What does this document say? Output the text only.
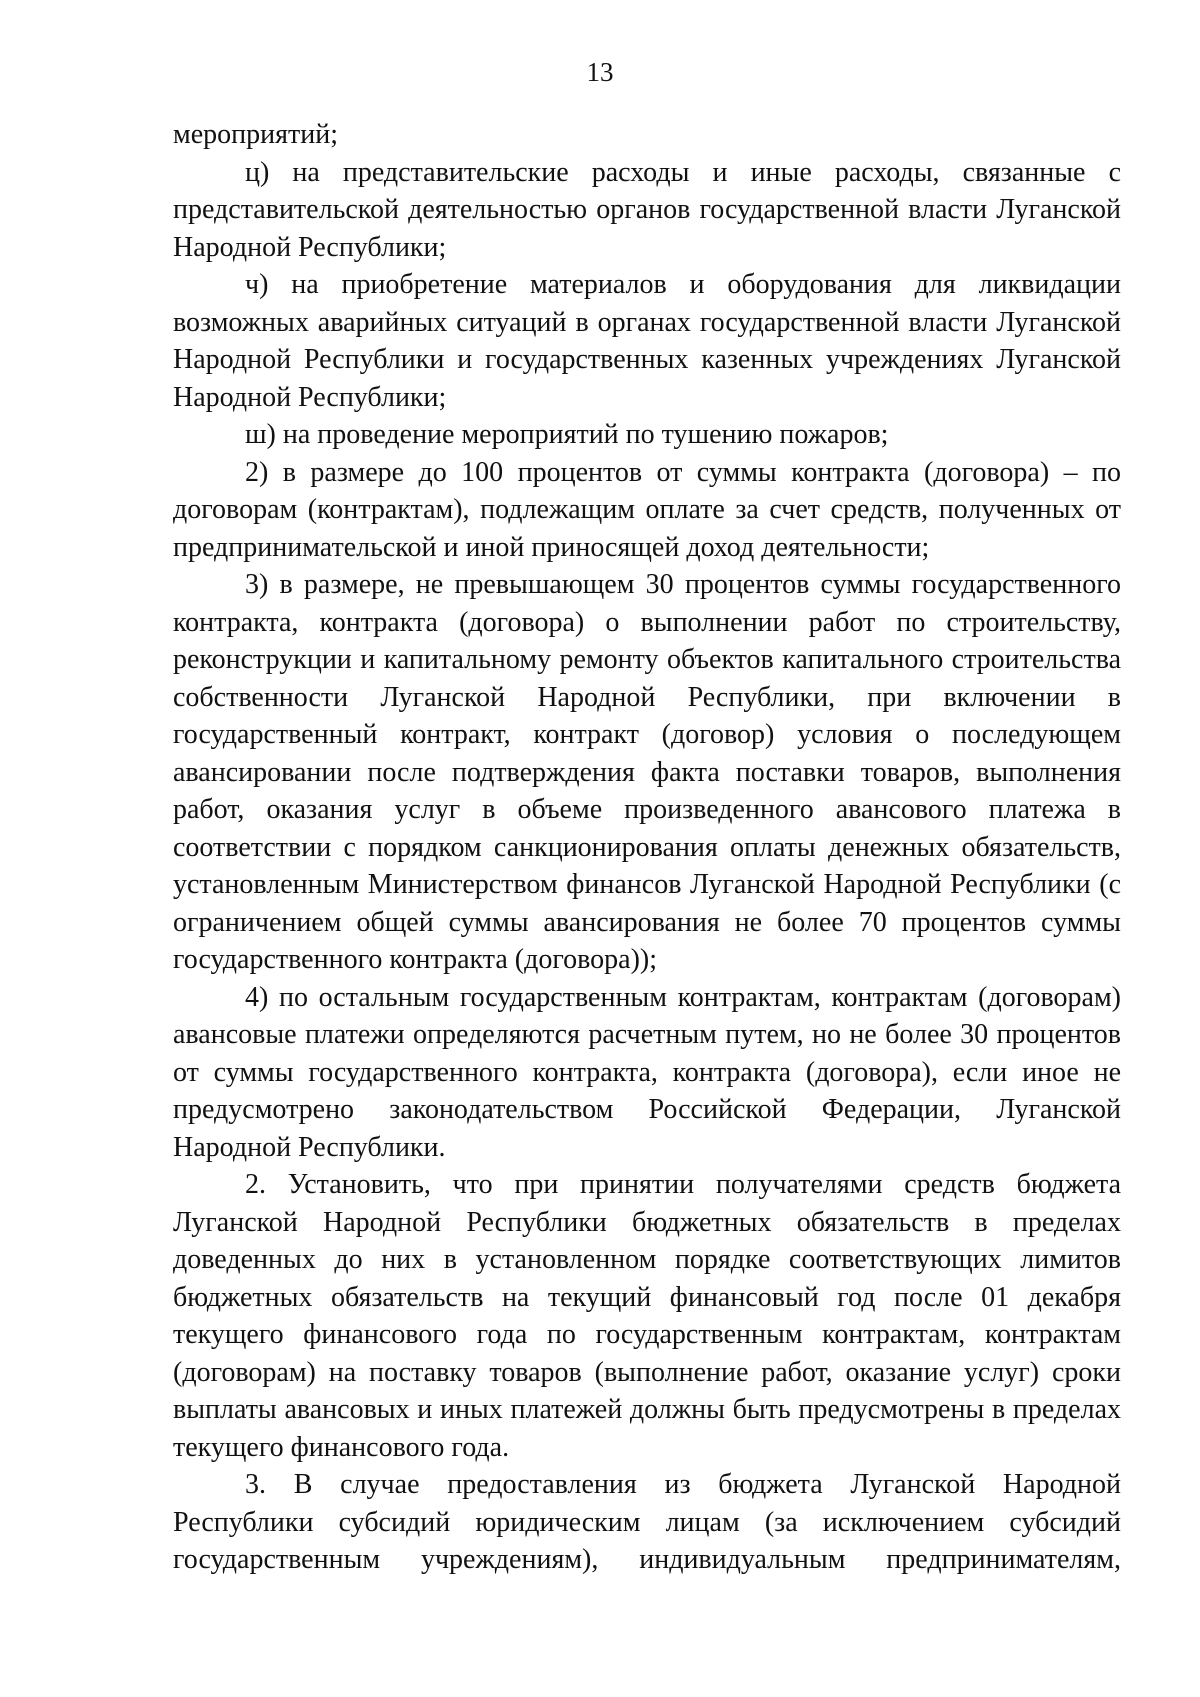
13

мероприятий;

ц) на представительские расходы и иные расходы, связанные с представительской деятельностью органов государственной власти Луганской Народной Республики;

ч) на приобретение материалов и оборудования для ликвидации возможных аварийных ситуаций в органах государственной власти Луганской Народной Республики и государственных казенных учреждениях Луганской Народной Республики;

ш) на проведение мероприятий по тушению пожаров;

2) в размере до 100 процентов от суммы контракта (договора) – по договорам (контрактам), подлежащим оплате за счет средств, полученных от предпринимательской и иной приносящей доход деятельности;

3) в размере, не превышающем 30 процентов суммы государственного контракта, контракта (договора) о выполнении работ по строительству, реконструкции и капитальному ремонту объектов капитального строительства собственности Луганской Народной Республики, при включении в государственный контракт, контракт (договор) условия о последующем авансировании после подтверждения факта поставки товаров, выполнения работ, оказания услуг в объеме произведенного авансового платежа в соответствии с порядком санкционирования оплаты денежных обязательств, установленным Министерством финансов Луганской Народной Республики (с ограничением общей суммы авансирования не более 70 процентов суммы государственного контракта (договора));

4) по остальным государственным контрактам, контрактам (договорам) авансовые платежи определяются расчетным путем, но не более 30 процентов от суммы государственного контракта, контракта (договора), если иное не предусмотрено законодательством Российской Федерации, Луганской Народной Республики.

2. Установить, что при принятии получателями средств бюджета Луганской Народной Республики бюджетных обязательств в пределах доведенных до них в установленном порядке соответствующих лимитов бюджетных обязательств на текущий финансовый год после 01 декабря текущего финансового года по государственным контрактам, контрактам (договорам) на поставку товаров (выполнение работ, оказание услуг) сроки выплаты авансовых и иных платежей должны быть предусмотрены в пределах текущего финансового года.

3. В случае предоставления из бюджета Луганской Народной Республики субсидий юридическим лицам (за исключением субсидий государственным учреждениям), индивидуальным предпринимателям,
